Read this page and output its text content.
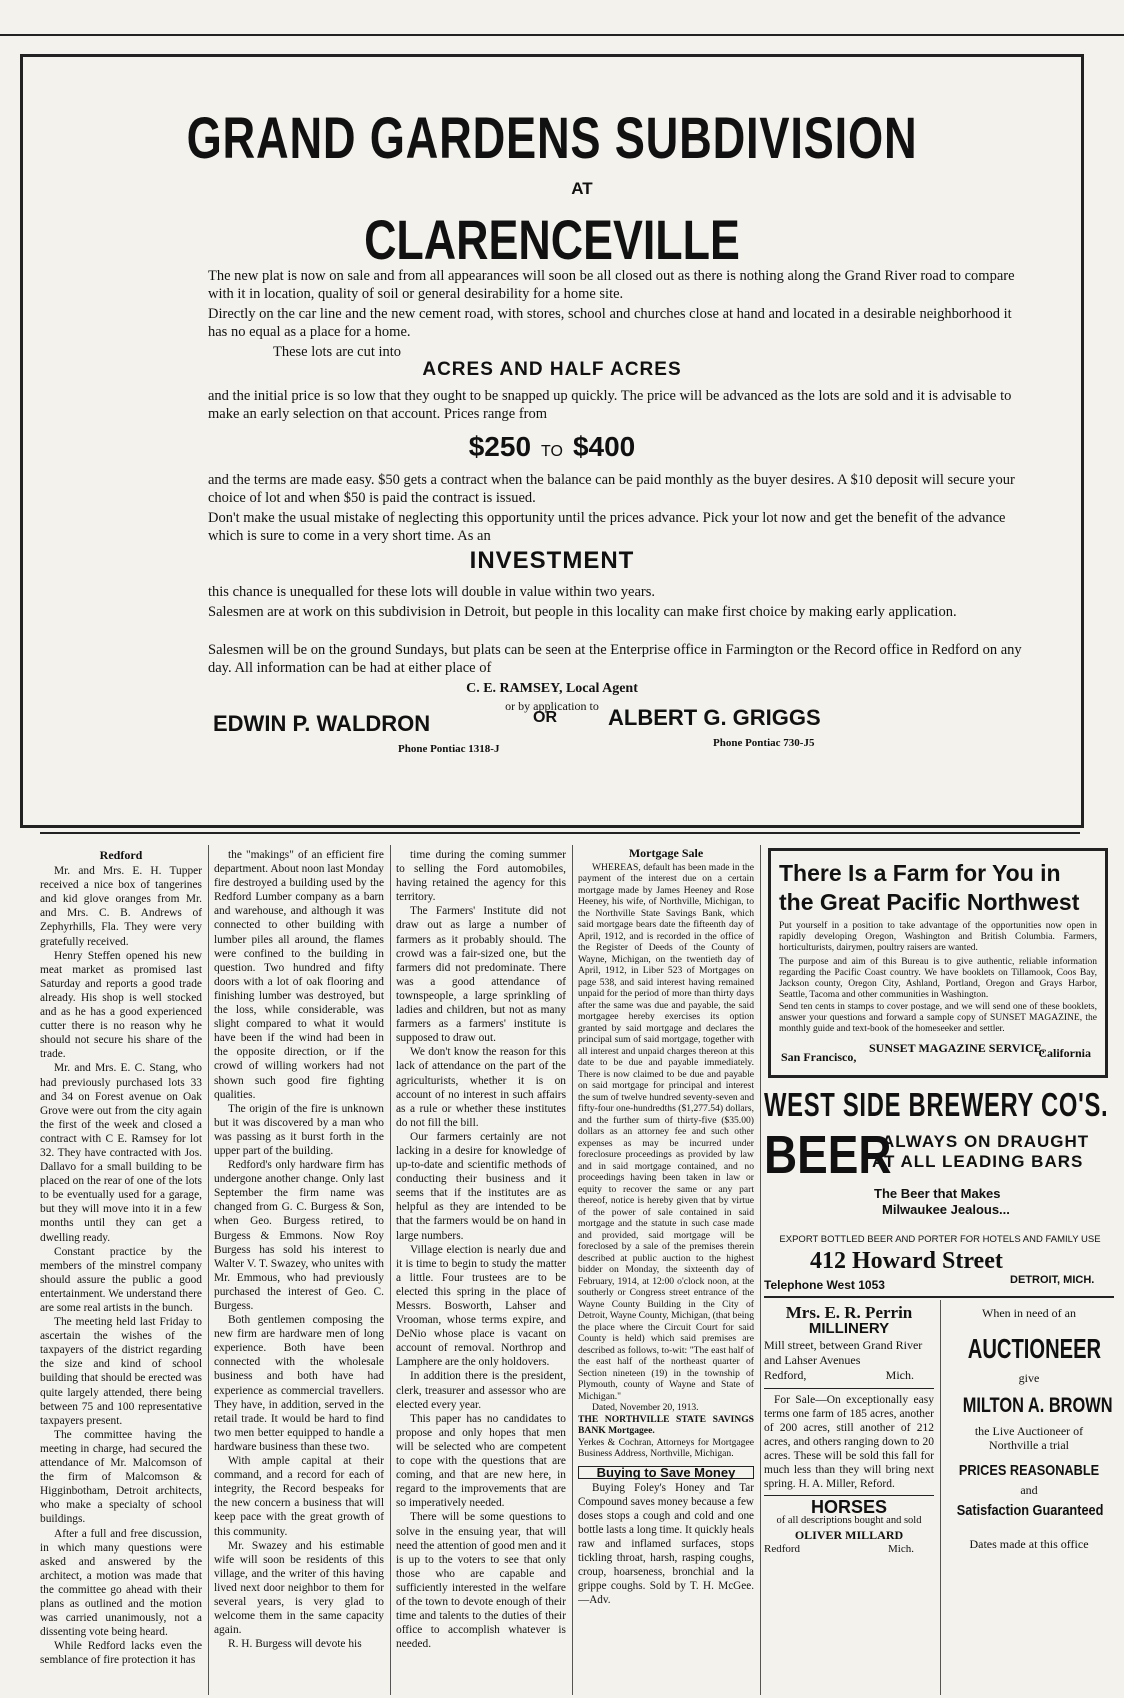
GRAND GARDENS SUBDIVISION
AT
CLARENCEVILLE

The new plat is now on sale and from all appearances will soon be all closed out as there is nothing along the Grand River road to compare with it in location, quality of soil or general desirability for a home site.

Directly on the car line and the new cement road, with stores, school and churches close at hand and located in a desirable neighborhood it has no equal as a place for a home.

These lots are cut into

ACRES AND HALF ACRES

and the initial price is so low that they ought to be snapped up quickly. The price will be advanced as the lots are sold and it is advisable to make an early selection on that account. Prices range from

$250 TO $400

and the terms are made easy. $50 gets a contract when the balance can be paid monthly as the buyer desires. A $10 deposit will secure your choice of lot and when $50 is paid the contract is issued.

Don't make the usual mistake of neglecting this opportunity until the prices advance. Pick your lot now and get the benefit of the advance which is sure to come in a very short time. As an

INVESTMENT

this chance is unequalled for these lots will double in value within two years.

Salesmen are at work on this subdivision in Detroit, but people in this locality can make first choice by making early application.

Salesmen will be on the ground Sundays, but plats can be seen at the Enterprise office in Farmington or the Record office in Redford on any day. All information can be had at either place of

C. E. RAMSEY, Local Agent
or by application to
EDWIN P. WALDRON	OR ALBERT G. GRIGGS
Phone Pontiac 1318-J	Phone Pontiac 730-J5

Redford

Mr. and Mrs. E. H. Tupper received a nice box of tangerines and kid glove oranges from Mr. and Mrs. C. B. Andrews of Zephyrhills, Fla. They were very gratefully received.

Henry Steffen opened his new meat market as promised last Saturday and reports a good trade already. His shop is well stocked and as he has a good experienced cutter there is no reason why he should not secure his share of the trade.

Mr. and Mrs. E. C. Stang, who had previously purchased lots 33 and 34 on Forest avenue on Oak Grove were out from the city again the first of the week and closed a contract with C E. Ramsey for lot 32. They have contracted with Jos. Dallavo for a small building to be placed on the rear of one of the lots to be eventually used for a garage, but they will move into it in a few months until they can get a dwelling ready.

Constant practice by the members of the minstrel company should assure the public a good entertainment. We understand there are some real artists in the bunch.

The meeting held last Friday to ascertain the wishes of the taxpayers of the district regarding the size and kind of school building that should be erected was quite largely attended, there being between 75 and 100 representative taxpayers present.

The committee having the meeting in charge, had secured the attendance of Mr. Malcomson of the firm of Malcomson & Higginbotham, Detroit architects, who make a specialty of school buildings.

After a full and free discussion, in which many questions were asked and answered by the architect, a motion was made that the committee go ahead with their plans as outlined and the motion was carried unanimously, not a dissenting vote being heard.

While Redford lacks even the semblance of fire protection it has

the "makings" of an efficient fire department. About noon last Monday fire destroyed a building used by the Redford Lumber company as a barn and warehouse, and although it was connected to other building with lumber piles all around, the flames were confined to the building in question. Two hundred and fifty doors with a lot of oak flooring and finishing lumber was destroyed, but the loss, while considerable, was slight compared to what it would have been if the wind had been in the opposite direction, or if the crowd of willing workers had not shown such good fire fighting qualities.

The origin of the fire is unknown but it was discovered by a man who was passing as it burst forth in the upper part of the building.

Redford's only hardware firm has undergone another change. Only last September the firm name was changed from G. C. Burgess & Son, when Geo. Burgess retired, to Burgess & Emmons. Now Roy Burgess has sold his interest to Walter V. T. Swazey, who unites with Mr. Emmous, who had previously purchased the interest of Geo. C. Burgess.

Both gentlemen composing the new firm are hardware men of long experience. Both have been connected with the wholesale business and both have had experience as commercial travellers. They have, in addition, served in the retail trade. It would be hard to find two men better equipped to handle a hardware business than these two.

With ample capital at their command, and a record for each of integrity, the Record bespeaks for the new concern a business that will keep pace with the great growth of this community.

Mr. Swazey and his estimable wife will soon be residents of this village, and the writer of this having lived next door neighbor to them for several years, is very glad to welcome them in the same capacity again.

R. H. Burgess will devote his

time during the coming summer to selling the Ford automobiles, having retained the agency for this territory.

The Farmers' Institute did not draw out as large a number of farmers as it probably should. The crowd was a fair-sized one, but the farmers did not predominate. There was a good attendance of townspeople, a large sprinkling of ladies and children, but not as many farmers as a farmers' institute is supposed to draw out.

We don't know the reason for this lack of attendance on the part of the agriculturists, whether it is on account of no interest in such affairs as a rule or whether these institutes do not fill the bill.

Our farmers certainly are not lacking in a desire for knowledge of up-to-date and scientific methods of conducting their business and it seems that if the institutes are as helpful as they are intended to be that the farmers would be on hand in large numbers.

Village election is nearly due and it is time to begin to study the matter a little. Four trustees are to be elected this spring in the place of Messrs. Bosworth, Lahser and Vrooman, whose terms expire, and DeNio whose place is vacant on account of removal. Northrop and Lamphere are the only holdovers.

In addition there is the president, clerk, treasurer and assessor who are elected every year.

This paper has no candidates to propose and only hopes that men will be selected who are competent to cope with the questions that are coming, and that are new here, in regard to the improvements that are so imperatively needed.

There will be some questions to solve in the ensuing year, that will need the attention of good men and it is up to the voters to see that only those who are capable and sufficiently interested in the welfare of the town to devote enough of their time and talents to the duties of their office to accomplish whatever is needed.

Mortgage Sale

WHEREAS, default has been made in the payment of the interest due on a certain mortgage made by James Heeney and Rose Heeney, his wife, of Northville, Michigan, to the Northville State Savings Bank, which said mortgage bears date the fifteenth day of April, 1912, and is recorded in the office of the Register of Deeds of the County of Wayne, Michigan, on the twentieth day of April, 1912, in Liber 523 of Mortgages on page 538, and said interest having remained unpaid for the period of more than thirty days after the same was due and payable, the said mortgagee hereby exercises its option granted by said mortgage and declares the principal sum of said mortgage, together with all interest and unpaid charges thereon at this date to be due and payable immediately. There is now claimed to be due and payable on said mortgage for principal and interest the sum of twelve hundred seventy-seven and fifty-four one-hundredths ($1,277.54) dollars, and the further sum of thirty-five ($35.00) dollars as an attorney fee and such other expenses as may be incurred under foreclosure proceedings as provided by law and in said mortgage contained, and no proceedings having been taken in law or equity to recover the same or any part thereof, notice is hereby given that by virtue of the power of sale contained in said mortgage and the statute in such case made and provided, said mortgage will be foreclosed by a sale of the premises therein described at public auction to the highest bidder on Monday, the sixteenth day of February, 1914, at 12:00 o'clock noon, at the southerly or Congress street entrance of the Wayne County Building in the City of Detroit, Wayne County, Michigan, (that being the place where the Circuit Court for said County is held) which said premises are described as follows, to-wit: "The east half of the east half of the northeast quarter of Section nineteen (19) in the township of Plymouth, county of Wayne and State of Michigan."

Dated, November 20, 1913.

THE NORTHVILLE STATE SAVINGS BANK Mortgagee.

Yerkes & Cochran, Attorneys for Mortgagee Business Address, Northville, Michigan.

Buying to Save Money

Buying Foley's Honey and Tar Compound saves money because a few doses stops a cough and cold and one bottle lasts a long time. It quickly heals raw and inflamed surfaces, stops tickling throat, harsh, rasping coughs, croup, hoarseness, bronchial and la grippe coughs. Sold by T. H. McGee.—Adv.

There Is a Farm for You in
the Great Pacific Northwest
Put yourself in a position to take advantage of the opportunities now open in rapidly developing Oregon, Washington and British Columbia. Farmers, horticulturists, dairymen, poultry raisers are wanted.
The purpose and aim of this Bureau is to give authentic, reliable information regarding the Pacific Coast country. We have booklets on Tillamook, Coos Bay, Jackson county, Oregon City, Ashland, Portland, Oregon and Grays Harbor, Seattle, Tacoma and other communities in Washington.
Send ten cents in stamps to cover postage, and we will send one of these booklets, answer your questions and forward a sample copy of SUNSET MAGAZINE, the monthly guide and text-book of the homeseeker and settler.
SUNSET MAGAZINE SERVICE,
San Francisco,	California
WEST SIDE BREWERY CO'S.
BEER
ALWAYS ON DRAUGHT
AT ALL LEADING BARS
The Beer that Makes
Milwaukee Jealous...
EXPORT BOTTLED BEER AND PORTER FOR HOTELS AND FAMILY USE
412 Howard Street
Telephone West 1053	DETROIT, MICH.
Mrs. E. R. Perrin
MILLINERY
Mill street, between Grand River and Lahser Avenues
Redford,	Mich.
For Sale—On exceptionally easy terms one farm of 185 acres, another of 200 acres, still another of 212 acres, and others ranging down to 20 acres. These will be sold this fall for much less than they will bring next spring. H. A. Miller, Reford.
HORSES
of all descriptions bought and sold
OLIVER MILLARD
Redford	Mich.
When in need of an
AUCTIONEER
give
MILTON A. BROWN
the Live Auctioneer of Northville a trial
PRICES REASONABLE
and
Satisfaction Guaranteed
Dates made at this office
